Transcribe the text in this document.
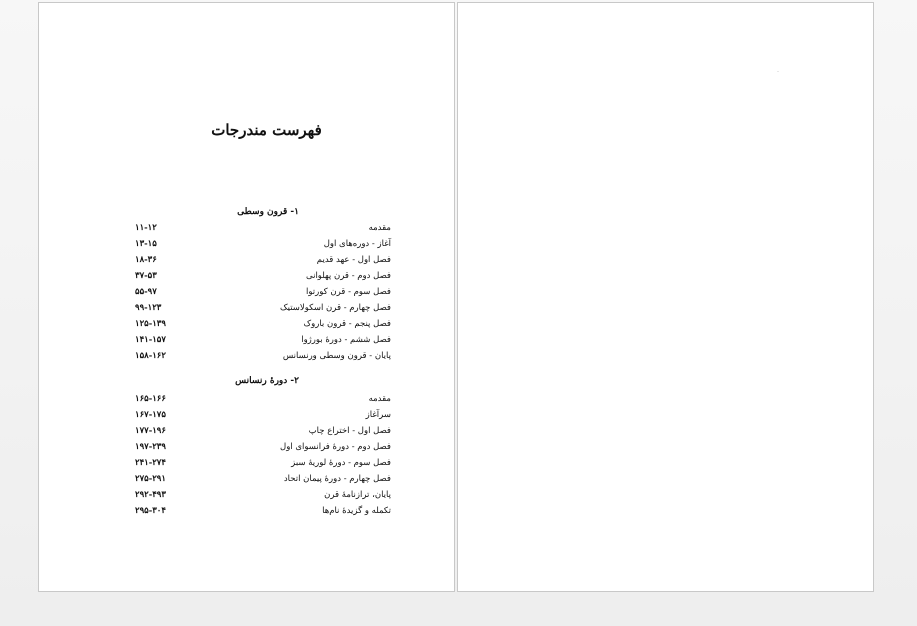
فهرست مندرجات
۱- قرون وسطی
مقدمه
۱۱-۱۲
آغاز - دوره‌های اول
۱۳-۱۵
فصل اول - عهد قدیم
۱۸-۳۶
فصل دوم - قرن پهلوانی
۳۷-۵۳
فصل سوم - قرن کورتوا
۵۵-۹۷
فصل چهارم - قرن اسکولاستیک
۹۹-۱۲۳
فصل پنجم - قرون باروک
۱۲۵-۱۳۹
فصل ششم - دورهٔ بورژوا
۱۴۱-۱۵۷
پایان - قرون وسطی ورنسانس
۱۵۸-۱۶۲
۲- دورهٔ رنسانس
مقدمه
۱۶۵-۱۶۶
سرآغاز
۱۶۷-۱۷۵
فصل اول - اختراع چاپ
۱۷۷-۱۹۶
فصل دوم - دورهٔ فرانسوای اول
۱۹۷-۲۳۹
فصل سوم - دورهٔ لوریهٔ سبز
۲۴۱-۲۷۴
فصل چهارم - دورهٔ پیمان اتحاد
۲۷۵-۲۹۱
پایان، ترازنامهٔ قرن
۲۹۲-۴۹۳
تکمله و گزیدهٔ نام‌ها
۲۹۵-۳۰۴
